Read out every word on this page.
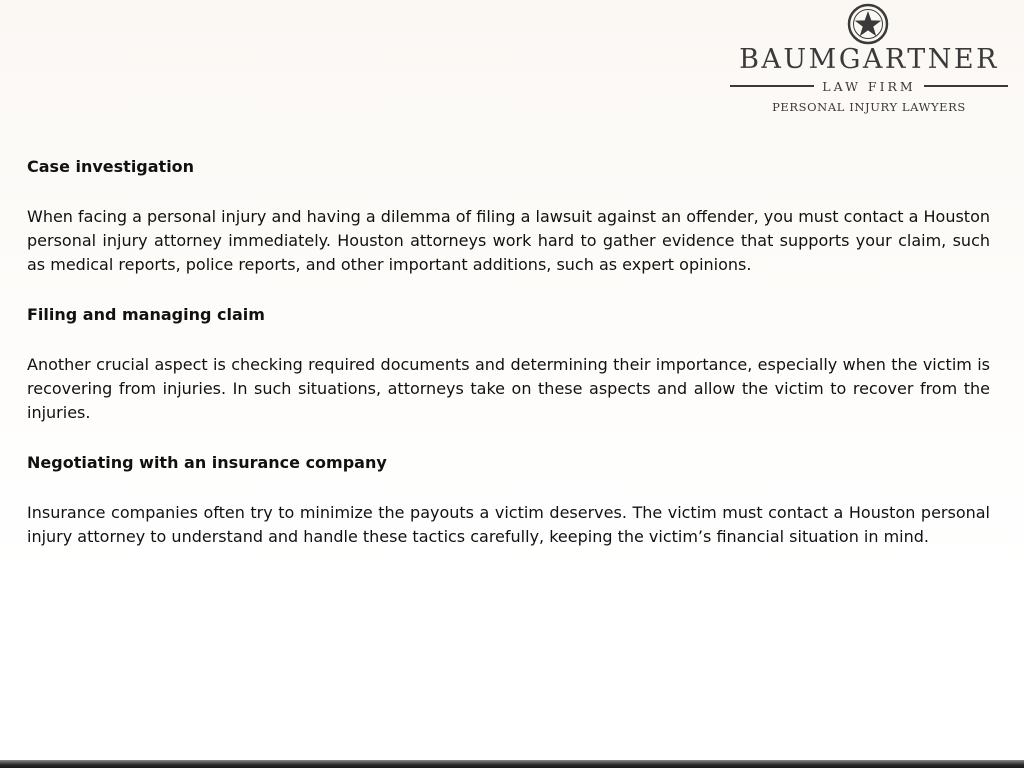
BAUMGARTNER
LAW FIRM
PERSONAL INJURY LAWYERS

Case investigation

When facing a personal injury and having a dilemma of filing a lawsuit against an offender, you must contact a Houston personal injury attorney immediately. Houston attorneys work hard to gather evidence that supports your claim, such as medical reports, police reports, and other important additions, such as expert opinions.

Filing and managing claim

Another crucial aspect is checking required documents and determining their importance, especially when the victim is recovering from injuries. In such situations, attorneys take on these aspects and allow the victim to recover from the injuries.

Negotiating with an insurance company

Insurance companies often try to minimize the payouts a victim deserves. The victim must contact a Houston personal injury attorney to understand and handle these tactics carefully, keeping the victim’s financial situation in mind.
